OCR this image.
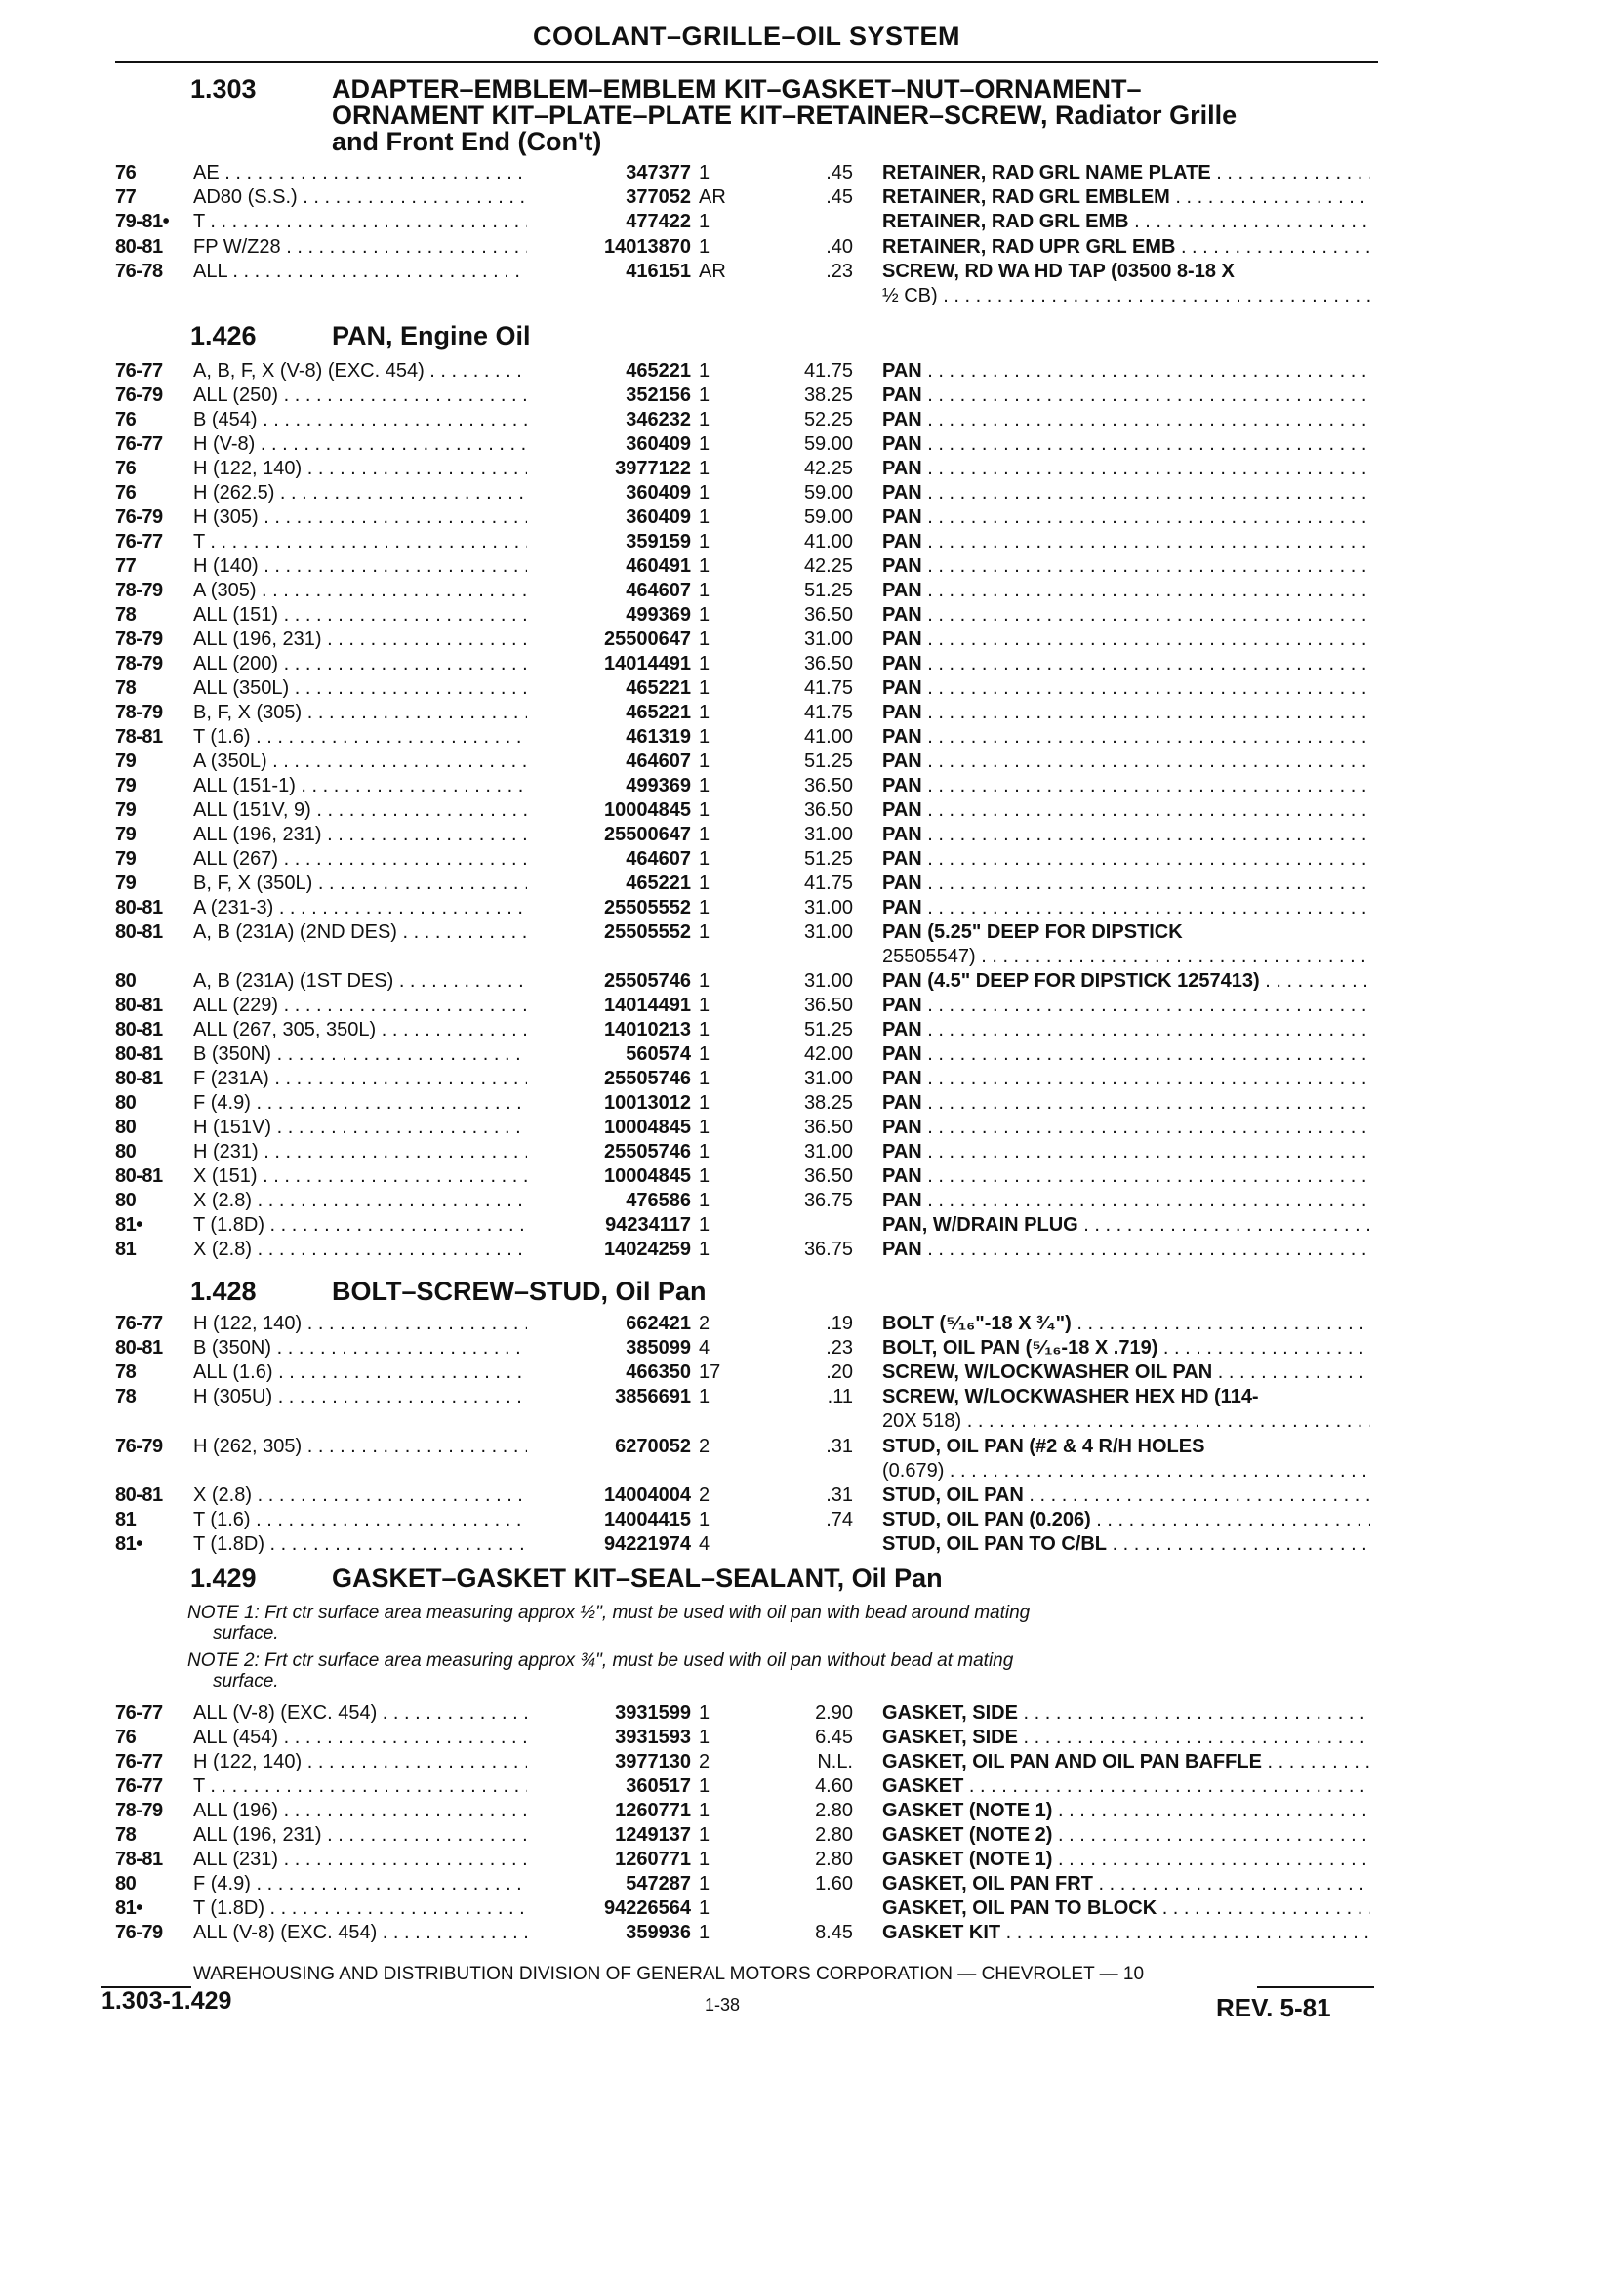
COOLANT–GRILLE–OIL SYSTEM
1.303	ADAPTER–EMBLEM–EMBLEM KIT–GASKET–NUT–ORNAMENT–
ORNAMENT KIT–PLATE–PLATE KIT–RETAINER–SCREW, Radiator Grille
and Front End (Con't)
1.426	PAN, Engine Oil
1.428	BOLT–SCREW–STUD, Oil Pan
1.429	GASKET–GASKET KIT–SEAL–SEALANT, Oil Pan
NOTE 1: Frt ctr surface area measuring approx ½", must be used with oil pan with bead around mating
surface.
NOTE 2: Frt ctr surface area measuring approx ¾", must be used with oil pan without bead at mating
surface.
76	AE . . .	347377 1	.45 RETAINER, RAD GRL NAME PLATE . . .
77	AD80 (S.S.) . . .	377052 AR	.45 RETAINER, RAD GRL EMBLEM . . .
79-81•	T . . .	477422 1	RETAINER, RAD GRL EMB . . .
80-81	FP W/Z28 . . .	14013870 1	.40 RETAINER, RAD UPR GRL EMB . . .
76-78	ALL . . .	416151 AR	.23 SCREW, RD WA HD TAP (03500 8-18 X
½ CB) . . .
76-77	A, B, F, X (V-8) (EXC. 454) . . .	465221 1	41.75 PAN . . .
76-79	ALL (250) . . .	352156 1	38.25 PAN . . .
76	B (454) . . .	346232 1	52.25 PAN . . .
76-77	H (V-8) . . .	360409 1	59.00 PAN . . .
76	H (122, 140) . . .	3977122 1	42.25 PAN . . .
76	H (262.5) . . .	360409 1	59.00 PAN . . .
76-79	H (305) . . .	360409 1	59.00 PAN . . .
76-77	T . . .	359159 1	41.00 PAN . . .
77	H (140) . . .	460491 1	42.25 PAN . . .
78-79	A (305) . . .	464607 1	51.25 PAN . . .
78	ALL (151) . . .	499369 1	36.50 PAN . . .
78-79	ALL (196, 231) . . .	25500647 1	31.00 PAN . . .
78-79	ALL (200) . . .	14014491 1	36.50 PAN . . .
78	ALL (350L) . . .	465221 1	41.75 PAN . . .
78-79	B, F, X (305) . . .	465221 1	41.75 PAN . . .
78-81	T (1.6) . . .	461319 1	41.00 PAN . . .
79	A (350L) . . .	464607 1	51.25 PAN . . .
79	ALL (151-1) . . .	499369 1	36.50 PAN . . .
79	ALL (151V, 9) . . .	10004845 1	36.50 PAN . . .
79	ALL (196, 231) . . .	25500647 1	31.00 PAN . . .
79	ALL (267) . . .	464607 1	51.25 PAN . . .
79	B, F, X (350L) . . .	465221 1	41.75 PAN . . .
80-81	A (231-3) . . .	25505552 1	31.00 PAN . . .
80-81	A, B (231A) (2ND DES) . . .	25505552 1	31.00 PAN (5.25" DEEP FOR DIPSTICK
25505547) . . .
80	A, B (231A) (1ST DES) . . .	25505746 1	31.00 PAN (4.5" DEEP FOR DIPSTICK 1257413) . . .
80-81	ALL (229) . . .	14014491 1	36.50 PAN . . .
80-81	ALL (267, 305, 350L) . . .	14010213 1	51.25 PAN . . .
80-81	B (350N) . . .	560574 1	42.00 PAN . . .
80-81	F (231A) . . .	25505746 1	31.00 PAN . . .
80	F (4.9) . . .	10013012 1	38.25 PAN . . .
80	H (151V) . . .	10004845 1	36.50 PAN . . .
80	H (231) . . .	25505746 1	31.00 PAN . . .
80-81	X (151) . . .	10004845 1	36.50 PAN . . .
80	X (2.8) . . .	476586 1	36.75 PAN . . .
81•	T (1.8D) . . .	94234117 1	PAN, W/DRAIN PLUG . . .
81	X (2.8) . . .	14024259 1	36.75 PAN . . .
76-77	H (122, 140) . . .	662421 2	.19 BOLT (⁵⁄₁₆"-18 X ³⁄₄") . . .
80-81	B (350N) . . .	385099 4	.23 BOLT, OIL PAN (⁵⁄₁₆-18 X .719) . . .
78	ALL (1.6) . . .	466350 17	.20 SCREW, W/LOCKWASHER OIL PAN . . .
78	H (305U) . . .	3856691 1	.11 SCREW, W/LOCKWASHER HEX HD (114-
20X 518) . . .
76-79	H (262, 305) . . .	6270052 2	.31 STUD, OIL PAN (#2 & 4 R/H HOLES
(0.679) . . .
80-81	X (2.8) . . .	14004004 2	.31 STUD, OIL PAN . . .
81	T (1.6) . . .	14004415 1	.74 STUD, OIL PAN (0.206) . . .
81•	T (1.8D) . . .	94221974 4	STUD, OIL PAN TO C/BL . . .
76-77	ALL (V-8) (EXC. 454) . . .	3931599 1	2.90 GASKET, SIDE . . .
76	ALL (454) . . .	3931593 1	6.45 GASKET, SIDE . . .
76-77	H (122, 140) . . .	3977130 2	N.L. GASKET, OIL PAN AND OIL PAN BAFFLE . . .
76-77	T . . .	360517 1	4.60 GASKET . . .
78-79	ALL (196) . . .	1260771 1	2.80 GASKET (NOTE 1) . . .
78	ALL (196, 231) . . .	1249137 1	2.80 GASKET (NOTE 2) . . .
78-81	ALL (231) . . .	1260771 1	2.80 GASKET (NOTE 1) . . .
80	F (4.9) . . .	547287 1	1.60 GASKET, OIL PAN FRT . . .
81•	T (1.8D) . . .	94226564 1	GASKET, OIL PAN TO BLOCK . . .
76-79	ALL (V-8) (EXC. 454) . . .	359936 1	8.45 GASKET KIT . . .
WAREHOUSING AND DISTRIBUTION DIVISION OF GENERAL MOTORS CORPORATION — CHEVROLET — 10
1.303-1.429	1-38	REV. 5-81
